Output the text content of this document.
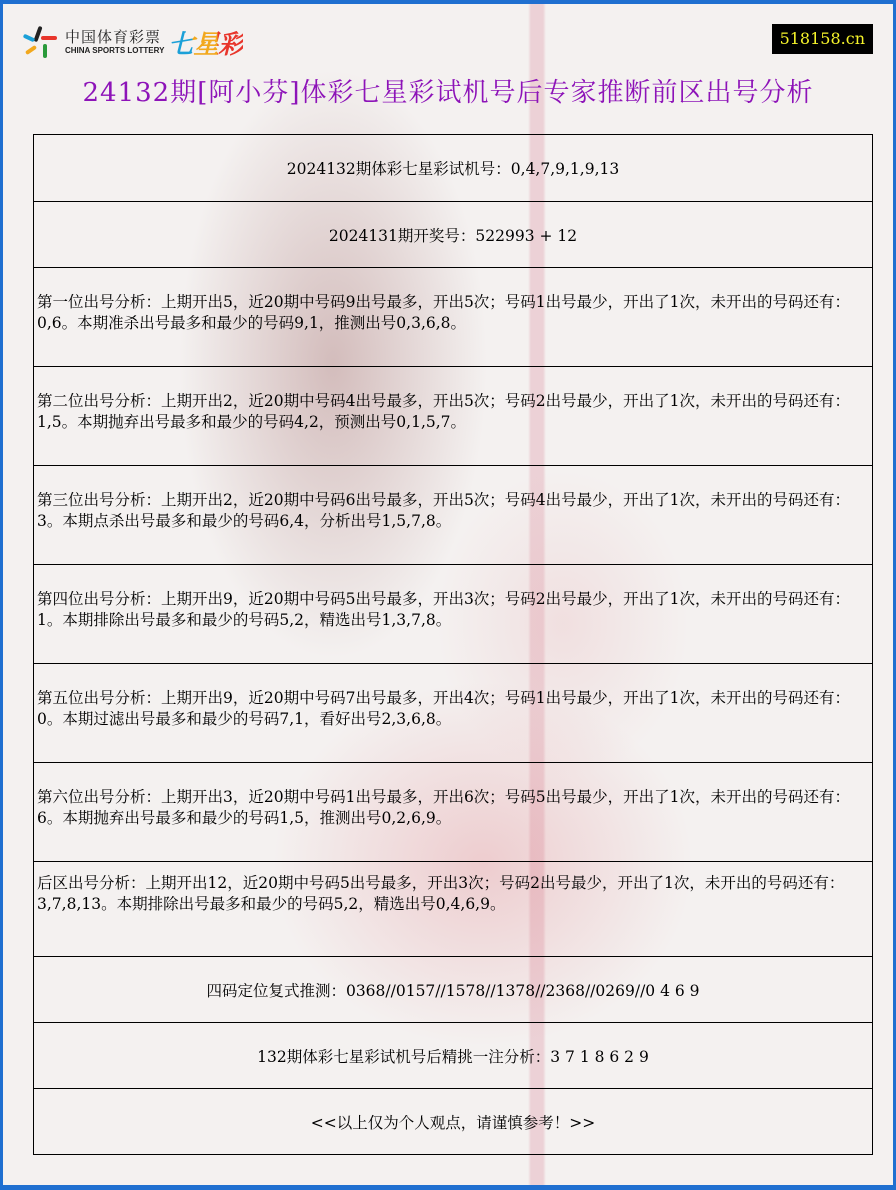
中国体育彩票
CHINA SPORTS LOTTERY 七星彩	518158.cn
24132期[阿小芬]体彩七星彩试机号后专家推断前区出号分析
2024132期体彩七星彩试机号：0,4,7,9,1,9,13
2024131期开奖号：522993 + 12
第一位出号分析：上期开出5，近20期中号码9出号最多，开出5次；号码1出号最少，开出了1次，未开出的号码还有：0,6。本期准杀出号最多和最少的号码9,1，推测出号0,3,6,8。
第二位出号分析：上期开出2，近20期中号码4出号最多，开出5次；号码2出号最少，开出了1次，未开出的号码还有：1,5。本期抛弃出号最多和最少的号码4,2，预测出号0,1,5,7。
第三位出号分析：上期开出2，近20期中号码6出号最多，开出5次；号码4出号最少，开出了1次，未开出的号码还有：3。本期点杀出号最多和最少的号码6,4，分析出号1,5,7,8。
第四位出号分析：上期开出9，近20期中号码5出号最多，开出3次；号码2出号最少，开出了1次，未开出的号码还有：1。本期排除出号最多和最少的号码5,2，精选出号1,3,7,8。
第五位出号分析：上期开出9，近20期中号码7出号最多，开出4次；号码1出号最少，开出了1次，未开出的号码还有：0。本期过滤出号最多和最少的号码7,1，看好出号2,3,6,8。
第六位出号分析：上期开出3，近20期中号码1出号最多，开出6次；号码5出号最少，开出了1次，未开出的号码还有：6。本期抛弃出号最多和最少的号码1,5，推测出号0,2,6,9。
后区出号分析：上期开出12，近20期中号码5出号最多，开出3次；号码2出号最少，开出了1次，未开出的号码还有：3,7,8,13。本期排除出号最多和最少的号码5,2，精选出号0,4,6,9。
四码定位复式推测：0368//0157//1578//1378//2368//0269//0 4 6 9
132期体彩七星彩试机号后精挑一注分析：3 7 1 8 6 2 9
<<以上仅为个人观点，请谨慎参考！>>
